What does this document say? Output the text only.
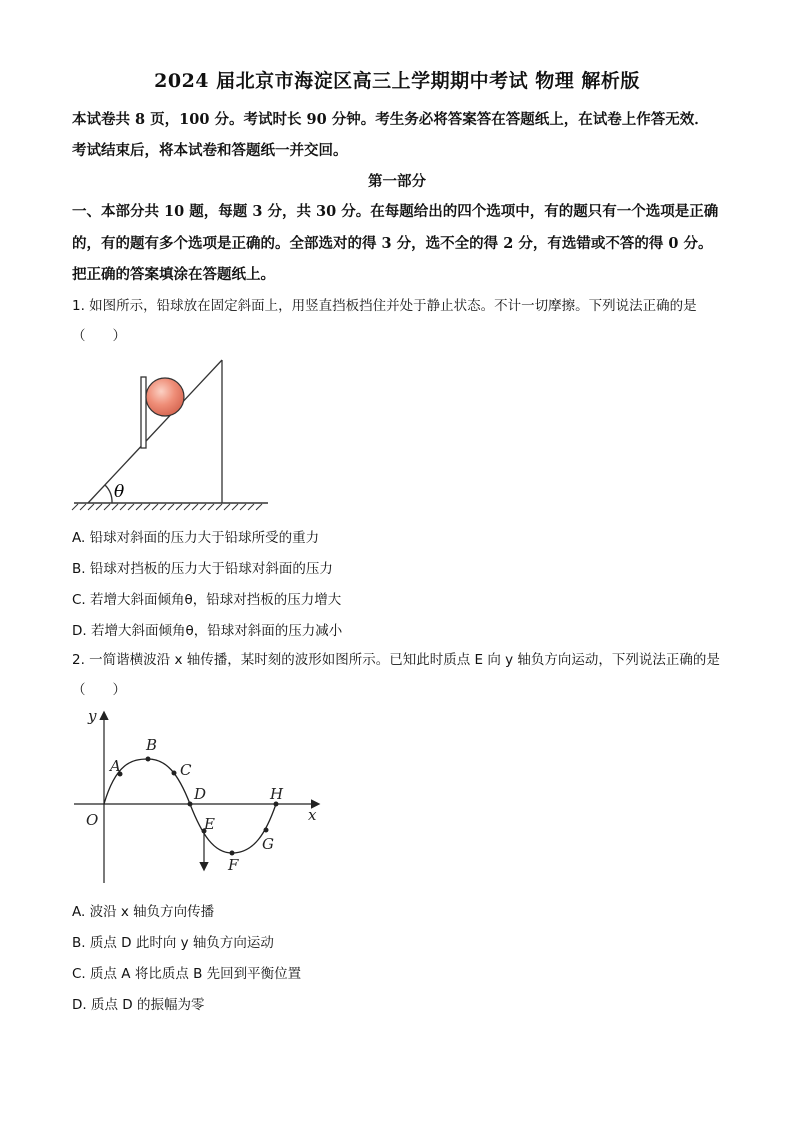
2024 届北京市海淀区高三上学期期中考试 物理 解析版
本试卷共 8 页，100 分。考试时长 90 分钟。考生务必将答案答在答题纸上，在试卷上作答无效．考试结束后，将本试卷和答题纸一并交回。
第一部分
一、本部分共 10 题，每题 3 分，共 30 分。在每题给出的四个选项中，有的题只有一个选项是正确的，有的题有多个选项是正确的。全部选对的得 3 分，选不全的得 2 分，有选错或不答的得 0 分。把正确的答案填涂在答题纸上。
1. 如图所示，铅球放在固定斜面上，用竖直挡板挡住并处于静止状态。不计一切摩擦。下列说法正确的是（　　）
θ
A. 铅球对斜面的压力大于铅球所受的重力
B. 铅球对挡板的压力大于铅球对斜面的压力
C. 若增大斜面倾角θ，铅球对挡板的压力增大
D. 若增大斜面倾角θ，铅球对斜面的压力减小
2. 一简谐横波沿 x 轴传播，某时刻的波形如图所示。已知此时质点 E 向 y 轴负方向运动，下列说法正确的是（　　）
y
x
O
A
B
C
D
E
F
G
H
A. 波沿 x 轴负方向传播
B. 质点 D 此时向 y 轴负方向运动
C. 质点 A 将比质点 B 先回到平衡位置
D. 质点 D 的振幅为零
